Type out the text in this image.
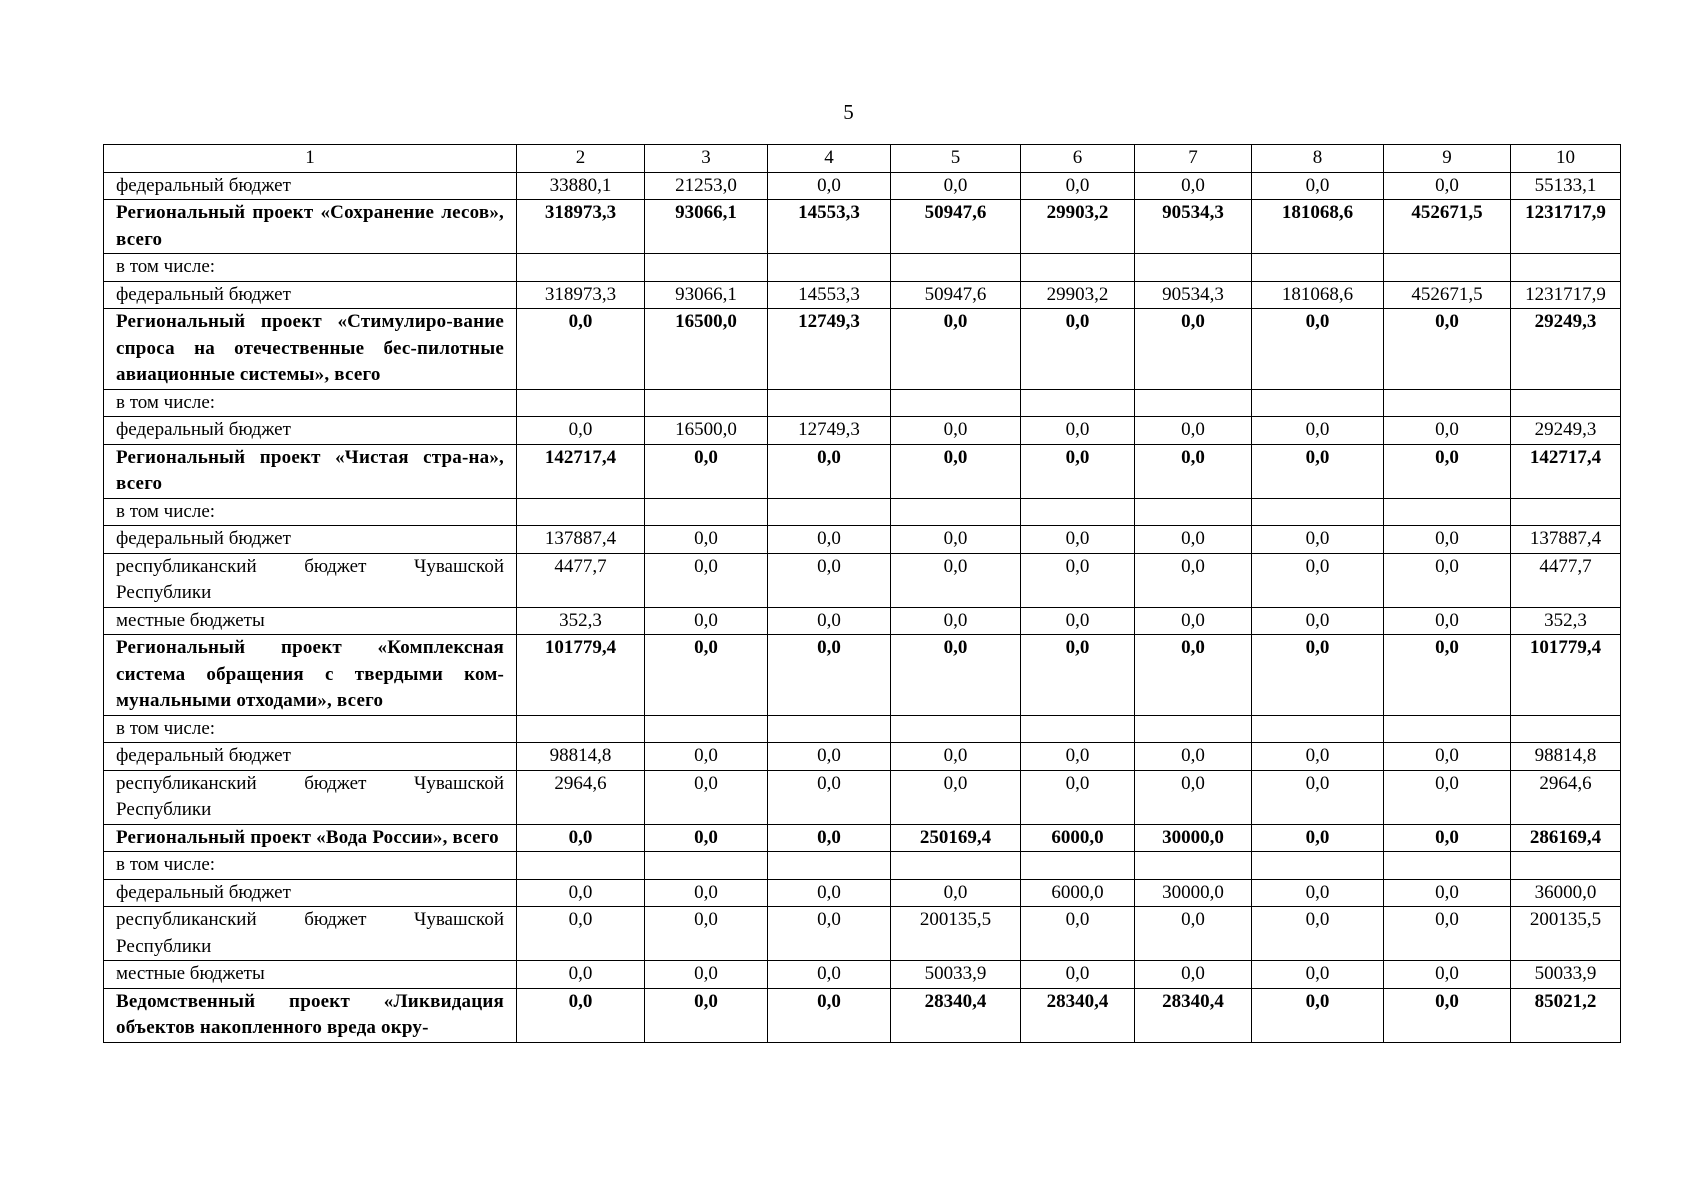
5
1	2	3	4	5	6	7	8	9	10
федеральный бюджет	33880,1	21253,0	0,0	0,0	0,0	0,0	0,0	0,0	55133,1
Региональный проект «Сохранение лесов», всего	318973,3	93066,1	14553,3	50947,6	29903,2	90534,3	181068,6	452671,5	1231717,9
в том числе:									
федеральный бюджет	318973,3	93066,1	14553,3	50947,6	29903,2	90534,3	181068,6	452671,5	1231717,9
Региональный проект «Стимулиро-вание спроса на отечественные бес-пилотные авиационные системы», всего	0,0	16500,0	12749,3	0,0	0,0	0,0	0,0	0,0	29249,3
в том числе:									
федеральный бюджет	0,0	16500,0	12749,3	0,0	0,0	0,0	0,0	0,0	29249,3
Региональный проект «Чистая стра-на», всего	142717,4	0,0	0,0	0,0	0,0	0,0	0,0	0,0	142717,4
в том числе:									
федеральный бюджет	137887,4	0,0	0,0	0,0	0,0	0,0	0,0	0,0	137887,4
республиканский бюджет Чувашской Республики	4477,7	0,0	0,0	0,0	0,0	0,0	0,0	0,0	4477,7
местные бюджеты	352,3	0,0	0,0	0,0	0,0	0,0	0,0	0,0	352,3
Региональный проект «Комплексная система обращения с твердыми ком-мунальными отходами», всего	101779,4	0,0	0,0	0,0	0,0	0,0	0,0	0,0	101779,4
в том числе:									
федеральный бюджет	98814,8	0,0	0,0	0,0	0,0	0,0	0,0	0,0	98814,8
республиканский бюджет Чувашской Республики	2964,6	0,0	0,0	0,0	0,0	0,0	0,0	0,0	2964,6
Региональный проект «Вода России», всего	0,0	0,0	0,0	250169,4	6000,0	30000,0	0,0	0,0	286169,4
в том числе:									
федеральный бюджет	0,0	0,0	0,0	0,0	6000,0	30000,0	0,0	0,0	36000,0
республиканский бюджет Чувашской Республики	0,0	0,0	0,0	200135,5	0,0	0,0	0,0	0,0	200135,5
местные бюджеты	0,0	0,0	0,0	50033,9	0,0	0,0	0,0	0,0	50033,9
Ведомственный проект «Ликвидация объектов накопленного вреда окру-	0,0	0,0	0,0	28340,4	28340,4	28340,4	0,0	0,0	85021,2
